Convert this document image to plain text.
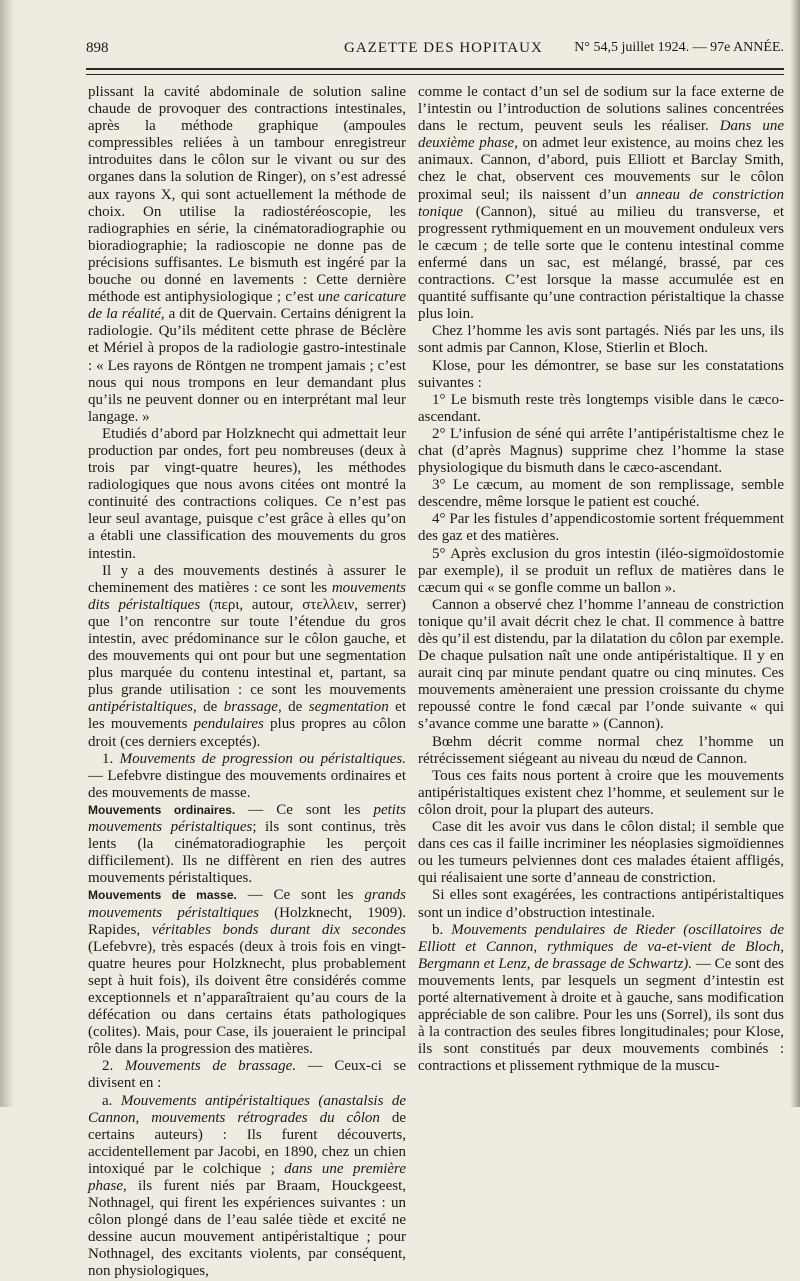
898	GAZETTE DES HOPITAUX N° 54,5 juillet 1924. — 97e ANNÉE.

plissant la cavité abdominale de solution saline chaude de provoquer des contractions intestinales, après la méthode graphique (ampoules compressibles reliées à un tambour enregistreur introduites dans le côlon sur le vivant ou sur des organes dans la solution de Ringer), on s’est adressé aux rayons X, qui sont actuellement la méthode de choix. On utilise la radiostéréoscopie, les radiographies en série, la cinématoradiographie ou bioradiographie; la radioscopie ne donne pas de précisions suffisantes. Le bismuth est ingéré par la bouche ou donné en lavements : Cette dernière méthode est antiphysiologique ; c’est une caricature de la réalité, a dit de Quervain. Certains dénigrent la radiologie. Qu’ils méditent cette phrase de Béclère et Mériel à propos de la radiologie gastro-intestinale : « Les rayons de Röntgen ne trompent jamais ; c’est nous qui nous trompons en leur demandant plus qu’ils ne peuvent donner ou en interprétant mal leur langage. »

Etudiés d’abord par Holzknecht qui admettait leur production par ondes, fort peu nombreuses (deux à trois par vingt-quatre heures), les méthodes radiologiques que nous avons citées ont montré la continuité des contractions coliques. Ce n’est pas leur seul avantage, puisque c’est grâce à elles qu’on a établi une classification des mouvements du gros intestin.

Il y a des mouvements destinés à assurer le cheminement des matières : ce sont les mouvements dits péristaltiques (περι, autour, στελλειν, serrer) que l’on rencontre sur toute l’étendue du gros intestin, avec prédominance sur le côlon gauche, et des mouvements qui ont pour but une segmentation plus marquée du contenu intestinal et, partant, sa plus grande utilisation : ce sont les mouvements antipéristaltiques, de brassage, de segmentation et les mouvements pendulaires plus propres au côlon droit (ces derniers exceptés).

1. Mouvements de progression ou péristaltiques. — Lefebvre distingue des mouvements ordinaires et des mouvements de masse.

Mouvements ordinaires. — Ce sont les petits mouvements péristaltiques; ils sont continus, très lents (la cinématoradiographie les perçoit difficilement). Ils ne diffèrent en rien des autres mouvements péristaltiques.

Mouvements de masse. — Ce sont les grands mouvements péristaltiques (Holzknecht, 1909). Rapides, véritables bonds durant dix secondes (Lefebvre), très espacés (deux à trois fois en vingt-quatre heures pour Holzknecht, plus probablement sept à huit fois), ils doivent être considérés comme exceptionnels et n’apparaîtraient qu’au cours de la défécation ou dans certains états pathologiques (colites). Mais, pour Case, ils joueraient le principal rôle dans la progression des matières.

2. Mouvements de brassage. — Ceux-ci se divisent en :

a. Mouvements antipéristaltiques (anastalsis de Cannon, mouvements rétrogrades du côlon de certains auteurs) : Ils furent découverts, accidentellement par Jacobi, en 1890, chez un chien intoxiqué par le colchique ; dans une première phase, ils furent niés par Braam, Houckgeest, Nothnagel, qui firent les expériences suivantes : un côlon plongé dans de l’eau salée tiède et excité ne dessine aucun mouvement antipéristaltique ; pour Nothnagel, des excitants violents, par conséquent, non physiologiques,

comme le contact d’un sel de sodium sur la face externe de l’intestin ou l’introduction de solutions salines concentrées dans le rectum, peuvent seuls les réaliser. Dans une deuxième phase, on admet leur existence, au moins chez les animaux. Cannon, d’abord, puis Elliott et Barclay Smith, chez le chat, observent ces mouvements sur le côlon proximal seul; ils naissent d’un anneau de constriction tonique (Cannon), situé au milieu du transverse, et progressent rythmiquement en un mouvement onduleux vers le cæcum ; de telle sorte que le contenu intestinal comme enfermé dans un sac, est mélangé, brassé, par ces contractions. C’est lorsque la masse accumulée est en quantité suffisante qu’une contraction péristaltique la chasse plus loin.

Chez l’homme les avis sont partagés. Niés par les uns, ils sont admis par Cannon, Klose, Stierlin et Bloch.

Klose, pour les démontrer, se base sur les constatations suivantes :

1° Le bismuth reste très longtemps visible dans le cæco-ascendant.

2° L’infusion de séné qui arrête l’antipéristaltisme chez le chat (d’après Magnus) supprime chez l’homme la stase physiologique du bismuth dans le cæco-ascendant.

3° Le cæcum, au moment de son remplissage, semble descendre, même lorsque le patient est couché.

4° Par les fistules d’appendicostomie sortent fréquemment des gaz et des matières.

5° Après exclusion du gros intestin (iléo-sigmoïdostomie par exemple), il se produit un reflux de matières dans le cæcum qui « se gonfle comme un ballon ».

Cannon a observé chez l’homme l’anneau de constriction tonique qu’il avait décrit chez le chat. Il commence à battre dès qu’il est distendu, par la dilatation du côlon par exemple. De chaque pulsation naît une onde antipéristaltique. Il y en aurait cinq par minute pendant quatre ou cinq minutes. Ces mouvements amèneraient une pression croissante du chyme repoussé contre le fond cæcal par l’onde suivante « qui s’avance comme une baratte » (Cannon).

Bœhm décrit comme normal chez l’homme un rétrécissement siégeant au niveau du nœud de Cannon.

Tous ces faits nous portent à croire que les mouvements antipéristaltiques existent chez l’homme, et seulement sur le côlon droit, pour la plupart des auteurs.

Case dit les avoir vus dans le côlon distal; il semble que dans ces cas il faille incriminer les néoplasies sigmoïdiennes ou les tumeurs pelviennes dont ces malades étaient affligés, qui réalisaient une sorte d’anneau de constriction.

Si elles sont exagérées, les contractions antipéristaltiques sont un indice d’obstruction intestinale.

b. Mouvements pendulaires de Rieder (oscillatoires de Elliott et Cannon, rythmiques de va-et-vient de Bloch, Bergmann et Lenz, de brassage de Schwartz). — Ce sont des mouvements lents, par lesquels un segment d’intestin est porté alternativement à droite et à gauche, sans modification appréciable de son calibre. Pour les uns (Sorrel), ils sont dus à la contraction des seules fibres longitudinales; pour Klose, ils sont constitués par deux mouvements combinés : contractions et plissement rythmique de la muscu-
